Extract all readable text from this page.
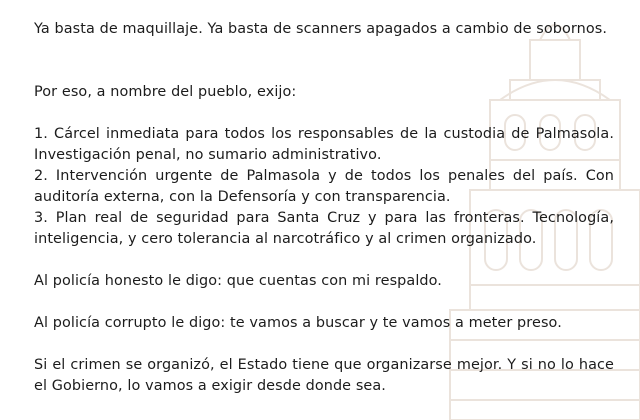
Ya basta de maquillaje. Ya basta de scanners apagados a cambio de sobornos.

Por eso, a nombre del pueblo, exijo:

1. Cárcel inmediata para todos los responsables de la custodia de Palmasola. Investigación penal, no sumario administrativo.
2. Intervención urgente de Palmasola y de todos los penales del país. Con auditoría externa, con la Defensoría y con transparencia.
3. Plan real de seguridad para Santa Cruz y para las fronteras. Tecnología, inteligencia, y cero tolerancia al narcotráfico y al crimen organizado.

Al policía honesto le digo: que cuentas con mi respaldo.

Al policía corrupto le digo: te vamos a buscar y te vamos a meter preso.

Si el crimen se organizó, el Estado tiene que organizarse mejor. Y si no lo hace el Gobierno, lo vamos a exigir desde donde sea.
